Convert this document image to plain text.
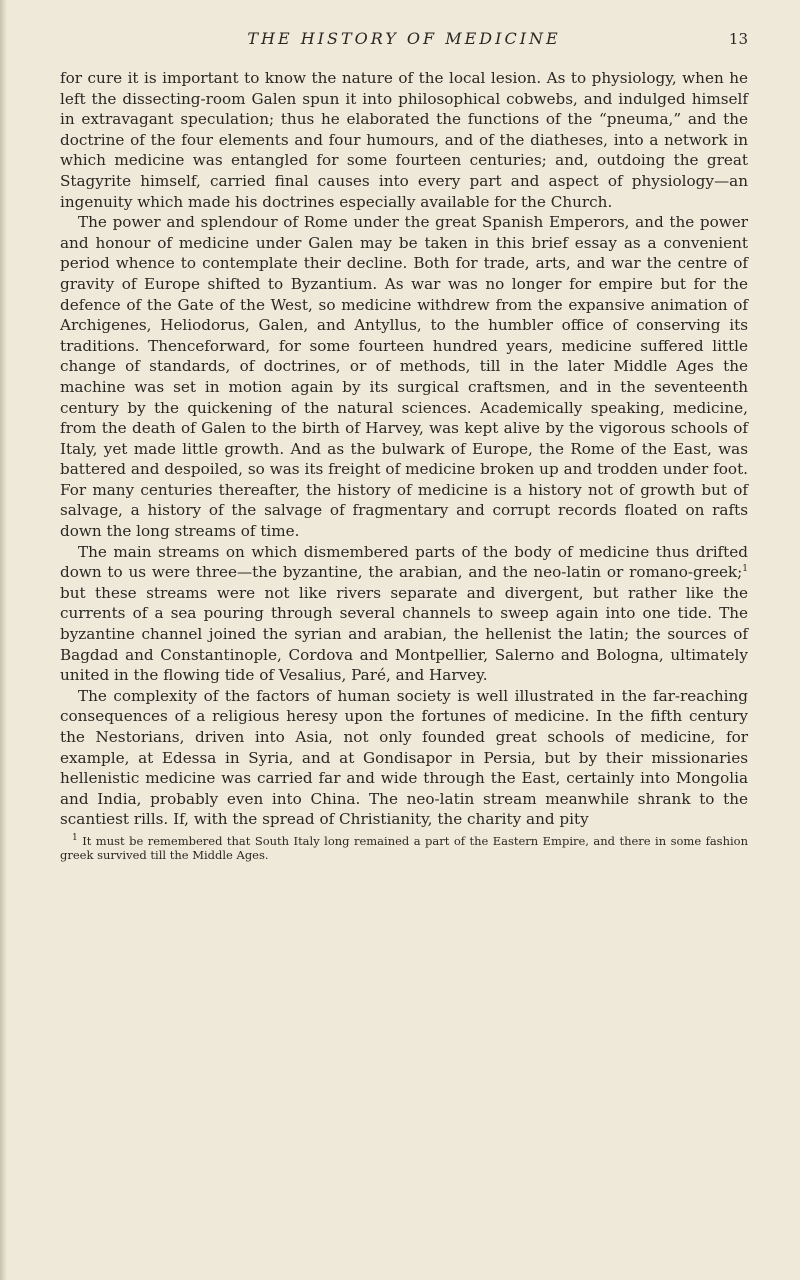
THE HISTORY OF MEDICINE	13

for cure it is important to know the nature of the local lesion. As to physiology, when he left the dissecting-room Galen spun it into philosophical cobwebs, and indulged himself in extravagant speculation; thus he elaborated the functions of the “pneuma,” and the doctrine of the four elements and four humours, and of the diatheses, into a network in which medicine was entangled for some fourteen centuries; and, outdoing the great Stagyrite himself, carried final causes into every part and aspect of physiology—an ingenuity which made his doctrines especially available for the Church.

The power and splendour of Rome under the great Spanish Emperors, and the power and honour of medicine under Galen may be taken in this brief essay as a convenient period whence to contemplate their decline. Both for trade, arts, and war the centre of gravity of Europe shifted to Byzantium. As war was no longer for empire but for the defence of the Gate of the West, so medicine withdrew from the expansive animation of Archigenes, Heliodorus, Galen, and Antyllus, to the humbler office of conserving its traditions. Thenceforward, for some fourteen hundred years, medicine suffered little change of standards, of doctrines, or of methods, till in the later Middle Ages the machine was set in motion again by its surgical craftsmen, and in the seventeenth century by the quickening of the natural sciences. Academically speaking, medicine, from the death of Galen to the birth of Harvey, was kept alive by the vigorous schools of Italy, yet made little growth. And as the bulwark of Europe, the Rome of the East, was battered and despoiled, so was its freight of medicine broken up and trodden under foot. For many centuries thereafter, the history of medicine is a history not of growth but of salvage, a history of the salvage of fragmentary and corrupt records floated on rafts down the long streams of time.

The main streams on which dismembered parts of the body of medicine thus drifted down to us were three—the byzantine, the arabian, and the neo-latin or romano-greek;$^1$ but these streams were not like rivers separate and divergent, but rather like the currents of a sea pouring through several channels to sweep again into one tide. The byzantine channel joined the syrian and arabian, the hellenist the latin; the sources of Bagdad and Constantinople, Cordova and Montpellier, Salerno and Bologna, ultimately united in the flowing tide of Vesalius, Paré, and Harvey.

The complexity of the factors of human society is well illustrated in the far-reaching consequences of a religious heresy upon the fortunes of medicine. In the fifth century the Nestorians, driven into Asia, not only founded great schools of medicine, for example, at Edessa in Syria, and at Gondisapor in Persia, but by their missionaries hellenistic medicine was carried far and wide through the East, certainly into Mongolia and India, probably even into China. The neo-latin stream meanwhile shrank to the scantiest rills. If, with the spread of Christianity, the charity and pity

$^1$ It must be remembered that South Italy long remained a part of the Eastern Empire, and there in some fashion greek survived till the Middle Ages.
